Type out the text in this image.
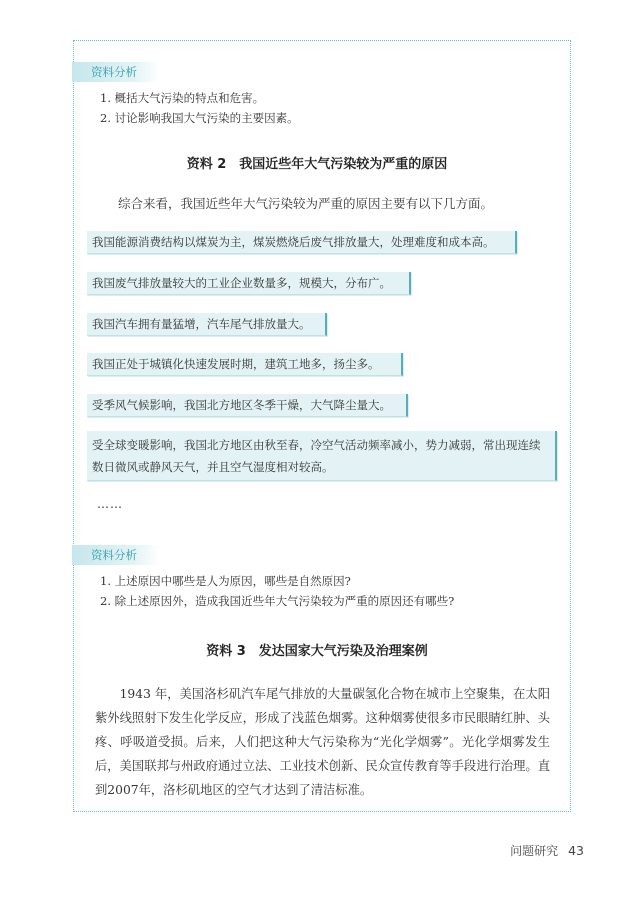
资料分析
1. 概括大气污染的特点和危害。
2. 讨论影响我国大气污染的主要因素。
资料 2　我国近些年大气污染较为严重的原因
综合来看，我国近些年大气污染较为严重的原因主要有以下几方面。
我国能源消费结构以煤炭为主，煤炭燃烧后废气排放量大，处理难度和成本高。
我国废气排放量较大的工业企业数量多，规模大，分布广。
我国汽车拥有量猛增，汽车尾气排放量大。
我国正处于城镇化快速发展时期，建筑工地多，扬尘多。
受季风气候影响，我国北方地区冬季干燥，大气降尘量大。
受全球变暖影响，我国北方地区由秋至春，冷空气活动频率减小，势力减弱，常出现连续数日微风或静风天气，并且空气湿度相对较高。
……
资料分析
1. 上述原因中哪些是人为原因，哪些是自然原因?
2. 除上述原因外，造成我国近些年大气污染较为严重的原因还有哪些?
资料 3　发达国家大气污染及治理案例
1943 年，美国洛杉矶汽车尾气排放的大量碳氢化合物在城市上空聚集，在太阳紫外线照射下发生化学反应，形成了浅蓝色烟雾。这种烟雾使很多市民眼睛红肿、头疼、呼吸道受损。后来，人们把这种大气污染称为“光化学烟雾”。光化学烟雾发生后，美国联邦与州政府通过立法、工业技术创新、民众宣传教育等手段进行治理。直到2007年，洛杉矶地区的空气才达到了清洁标准。
问题研究 43
